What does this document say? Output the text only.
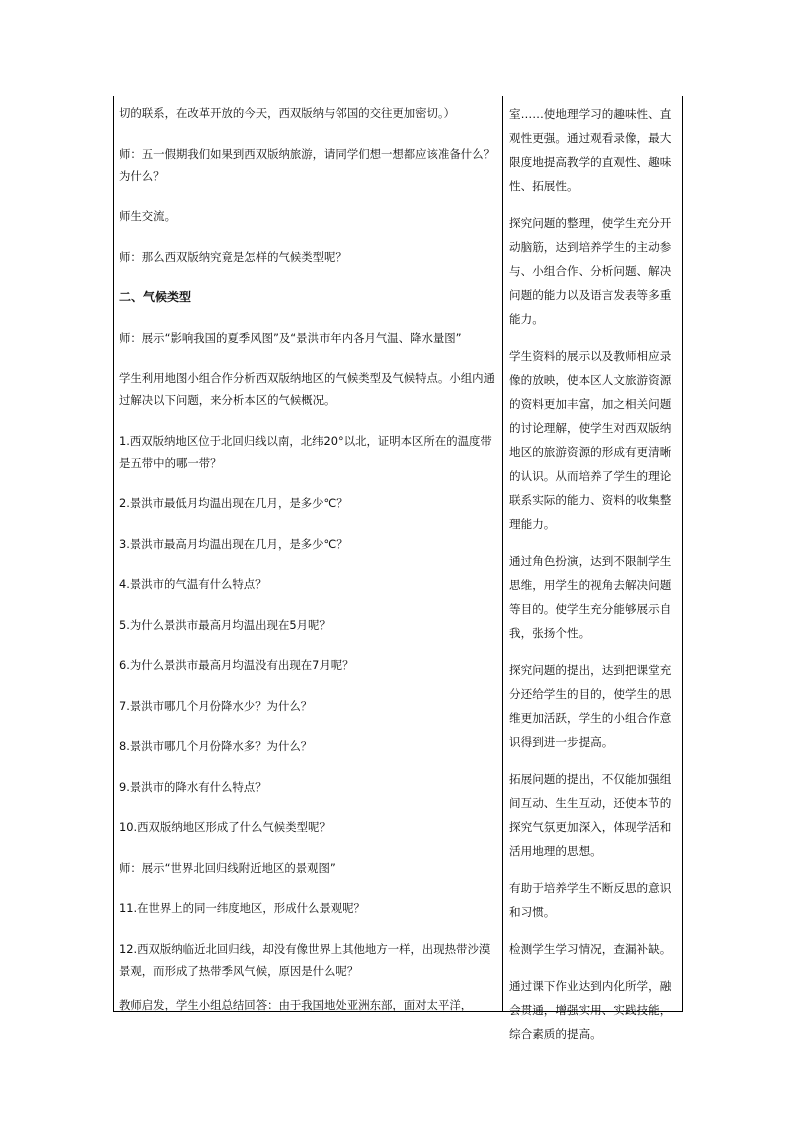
切的联系，在改革开放的今天，西双版纳与邻国的交往更加密切。）

师：五一假期我们如果到西双版纳旅游，请同学们想一想都应该准备什么？为什么？

师生交流。

师：那么西双版纳究竟是怎样的气候类型呢？

二、气候类型

师：展示“影响我国的夏季风图”及“景洪市年内各月气温、降水量图”

学生利用地图小组合作分析西双版纳地区的气候类型及气候特点。小组内通过解决以下问题，来分析本区的气候概况。

1.西双版纳地区位于北回归线以南，北纬20°以北，证明本区所在的温度带是五带中的哪一带？

2.景洪市最低月均温出现在几月，是多少℃？

3.景洪市最高月均温出现在几月，是多少℃？

4.景洪市的气温有什么特点？

5.为什么景洪市最高月均温出现在5月呢？

6.为什么景洪市最高月均温没有出现在7月呢？

7.景洪市哪几个月份降水少？为什么？

8.景洪市哪几个月份降水多？为什么？

9.景洪市的降水有什么特点？

10.西双版纳地区形成了什么气候类型呢？

师：展示“世界北回归线附近地区的景观图”

11.在世界上的同一纬度地区，形成什么景观呢？

12.西双版纳临近北回归线，却没有像世界上其他地方一样，出现热带沙漠景观，而形成了热带季风气候，原因是什么呢？

教师启发，学生小组总结回答：由于我国地处亚洲东部，面对太平洋，

室……使地理学习的趣味性、直观性更强。通过观看录像，最大限度地提高教学的直观性、趣味性、拓展性。

探究问题的整理，使学生充分开动脑筋，达到培养学生的主动参与、小组合作、分析问题、解决问题的能力以及语言发表等多重能力。

学生资料的展示以及教师相应录像的放映，使本区人文旅游资源的资料更加丰富，加之相关问题的讨论理解，使学生对西双版纳地区的旅游资源的形成有更清晰的认识。从而培养了学生的理论联系实际的能力、资料的收集整理能力。

通过角色扮演，达到不限制学生思维，用学生的视角去解决问题等目的。使学生充分能够展示自我，张扬个性。

探究问题的提出，达到把课堂充分还给学生的目的，使学生的思维更加活跃，学生的小组合作意识得到进一步提高。

拓展问题的提出，不仅能加强组间互动、生生互动，还使本节的探究气氛更加深入，体现学活和活用地理的思想。

有助于培养学生不断反思的意识和习惯。

检测学生学习情况，查漏补缺。

通过课下作业达到内化所学，融会贯通，增强实用、实践技能，综合素质的提高。
